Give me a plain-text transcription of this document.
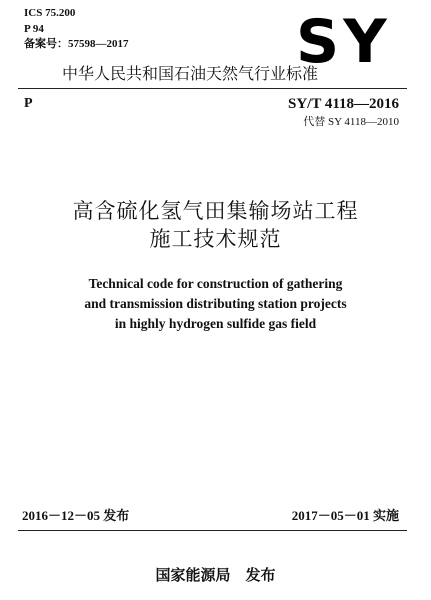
ICS 75.200
P 94
备案号：57598—2017	SY
中华人民共和国石油天然气行业标准
P	SY/T 4118—2016
代替 SY 4118—2010
高含硫化氢气田集输场站工程
施工技术规范
Technical code for construction of gathering
and transmission distributing station projects
in highly hydrogen sulfide gas field
2016－12－05 发布	2017－05－01 实施
国家能源局　发布
